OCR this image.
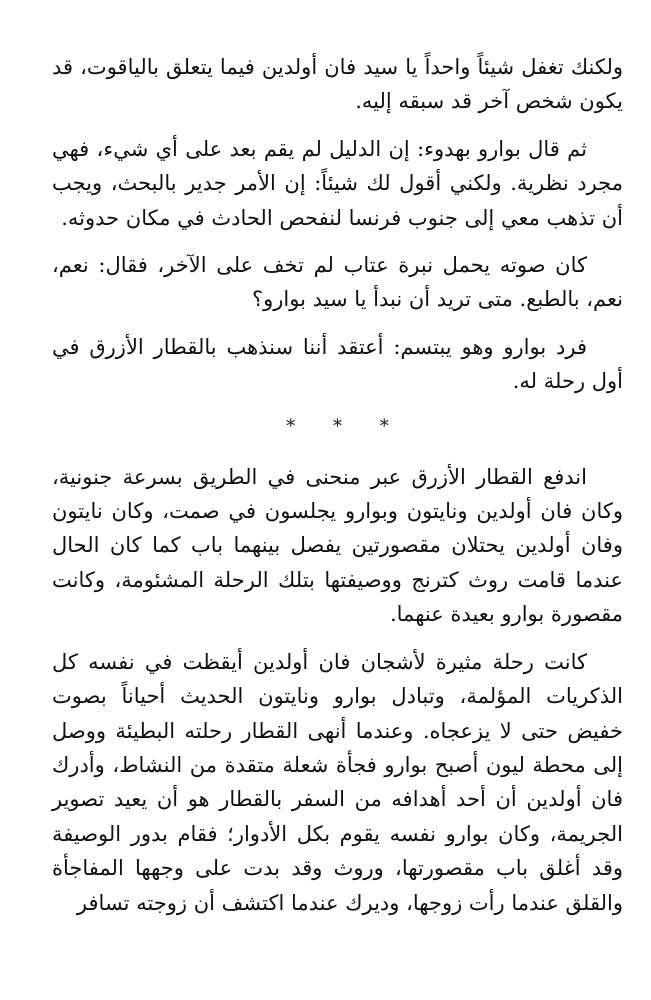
ولكنك تغفل شيئاً واحداً يا سيد فان أولدين فيما يتعلق بالياقوت، قد يكون شخص آخر قد سبقه إليه.

ثم قال بوارو بهدوء: إن الدليل لم يقم بعد على أي شيء، فهي مجرد نظرية. ولكني أقول لك شيئاً: إن الأمر جدير بالبحث، ويجب أن تذهب معي إلى جنوب فرنسا لنفحص الحادث في مكان حدوثه.

كان صوته يحمل نبرة عتاب لم تخف على الآخر، فقال: نعم، نعم، بالطبع. متى تريد أن نبدأ يا سيد بوارو؟

فرد بوارو وهو يبتسم: أعتقد أننا سنذهب بالقطار الأزرق في أول رحلة له.

* * *

اندفع القطار الأزرق عبر منحنى في الطريق بسرعة جنونية، وكان فان أولدين ونايتون وبوارو يجلسون في صمت، وكان نايتون وفان أولدين يحتلان مقصورتين يفصل بينهما باب كما كان الحال عندما قامت روث كترنج ووصيفتها بتلك الرحلة المشئومة، وكانت مقصورة بوارو بعيدة عنهما.

كانت رحلة مثيرة لأشجان فان أولدين أيقظت في نفسه كل الذكريات المؤلمة، وتبادل بوارو ونايتون الحديث أحياناً بصوت خفيض حتى لا يزعجاه. وعندما أنهى القطار رحلته البطيئة ووصل إلى محطة ليون أصبح بوارو فجأة شعلة متقدة من النشاط، وأدرك فان أولدين أن أحد أهدافه من السفر بالقطار هو أن يعيد تصوير الجريمة، وكان بوارو نفسه يقوم بكل الأدوار؛ فقام بدور الوصيفة وقد أغلق باب مقصورتها، وروث وقد بدت على وجهها المفاجأة والقلق عندما رأت زوجها، وديرك عندما اكتشف أن زوجته تسافر
